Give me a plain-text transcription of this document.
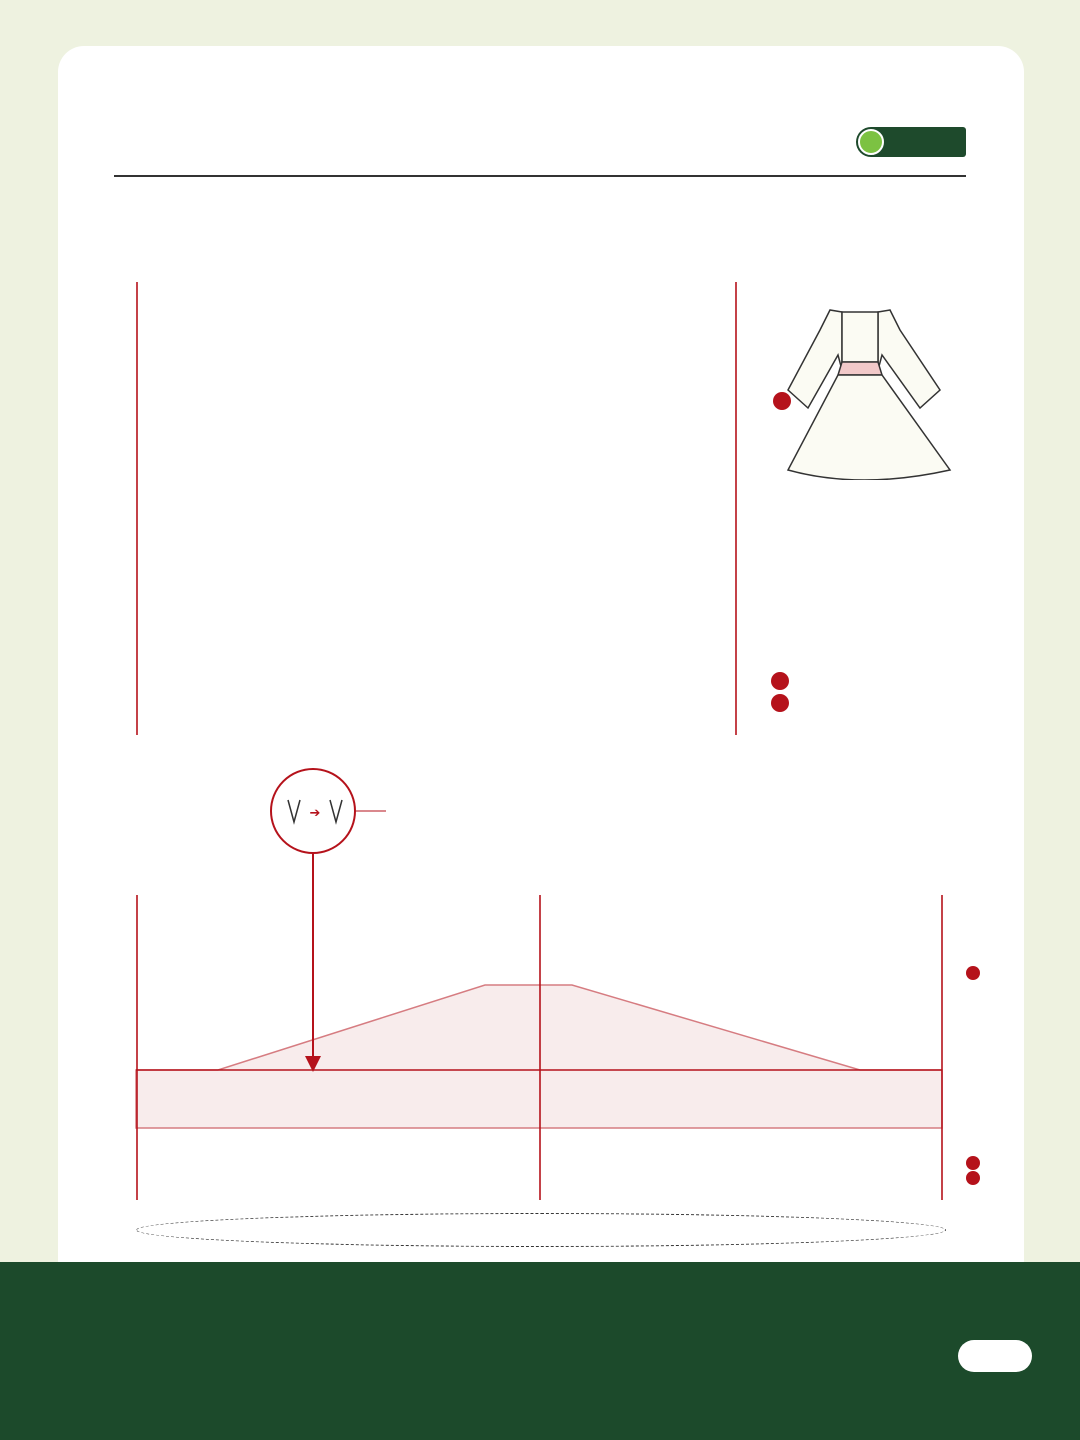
➔
